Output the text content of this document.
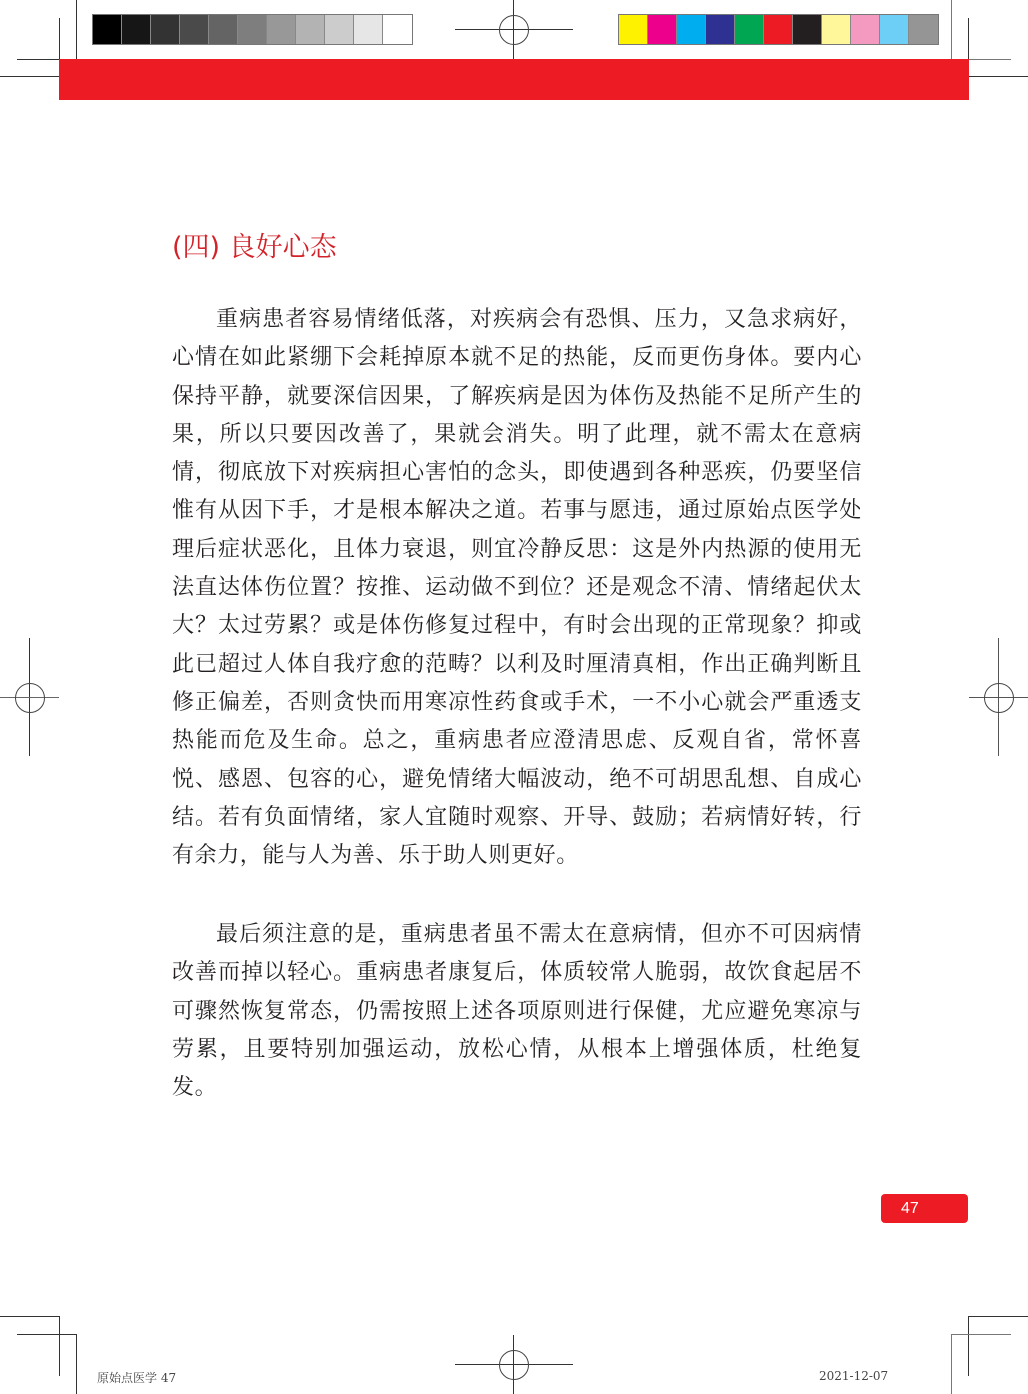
(四) 良好心态

重病患者容易情绪低落，对疾病会有恐惧、压力，又急求病好，心情在如此紧绷下会耗掉原本就不足的热能，反而更伤身体。要内心保持平静，就要深信因果，了解疾病是因为体伤及热能不足所产生的果，所以只要因改善了，果就会消失。明了此理，就不需太在意病情，彻底放下对疾病担心害怕的念头，即使遇到各种恶疾，仍要坚信惟有从因下手，才是根本解决之道。若事与愿违，通过原始点医学处理后症状恶化，且体力衰退，则宜冷静反思：这是外内热源的使用无法直达体伤位置？按推、运动做不到位？还是观念不清、情绪起伏太大？太过劳累？或是体伤修复过程中，有时会出现的正常现象？抑或此已超过人体自我疗愈的范畴？以利及时厘清真相，作出正确判断且修正偏差，否则贪快而用寒凉性药食或手术，一不小心就会严重透支热能而危及生命。总之，重病患者应澄清思虑、反观自省，常怀喜悦、感恩、包容的心，避免情绪大幅波动，绝不可胡思乱想、自成心结。若有负面情绪，家人宜随时观察、开导、鼓励；若病情好转，行有余力，能与人为善、乐于助人则更好。

最后须注意的是，重病患者虽不需太在意病情，但亦不可因病情改善而掉以轻心。重病患者康复后，体质较常人脆弱，故饮食起居不可骤然恢复常态，仍需按照上述各项原则进行保健，尤应避免寒凉与劳累，且要特别加强运动，放松心情，从根本上增强体质，杜绝复发。

47
原始点医学 47	2021-12-07
